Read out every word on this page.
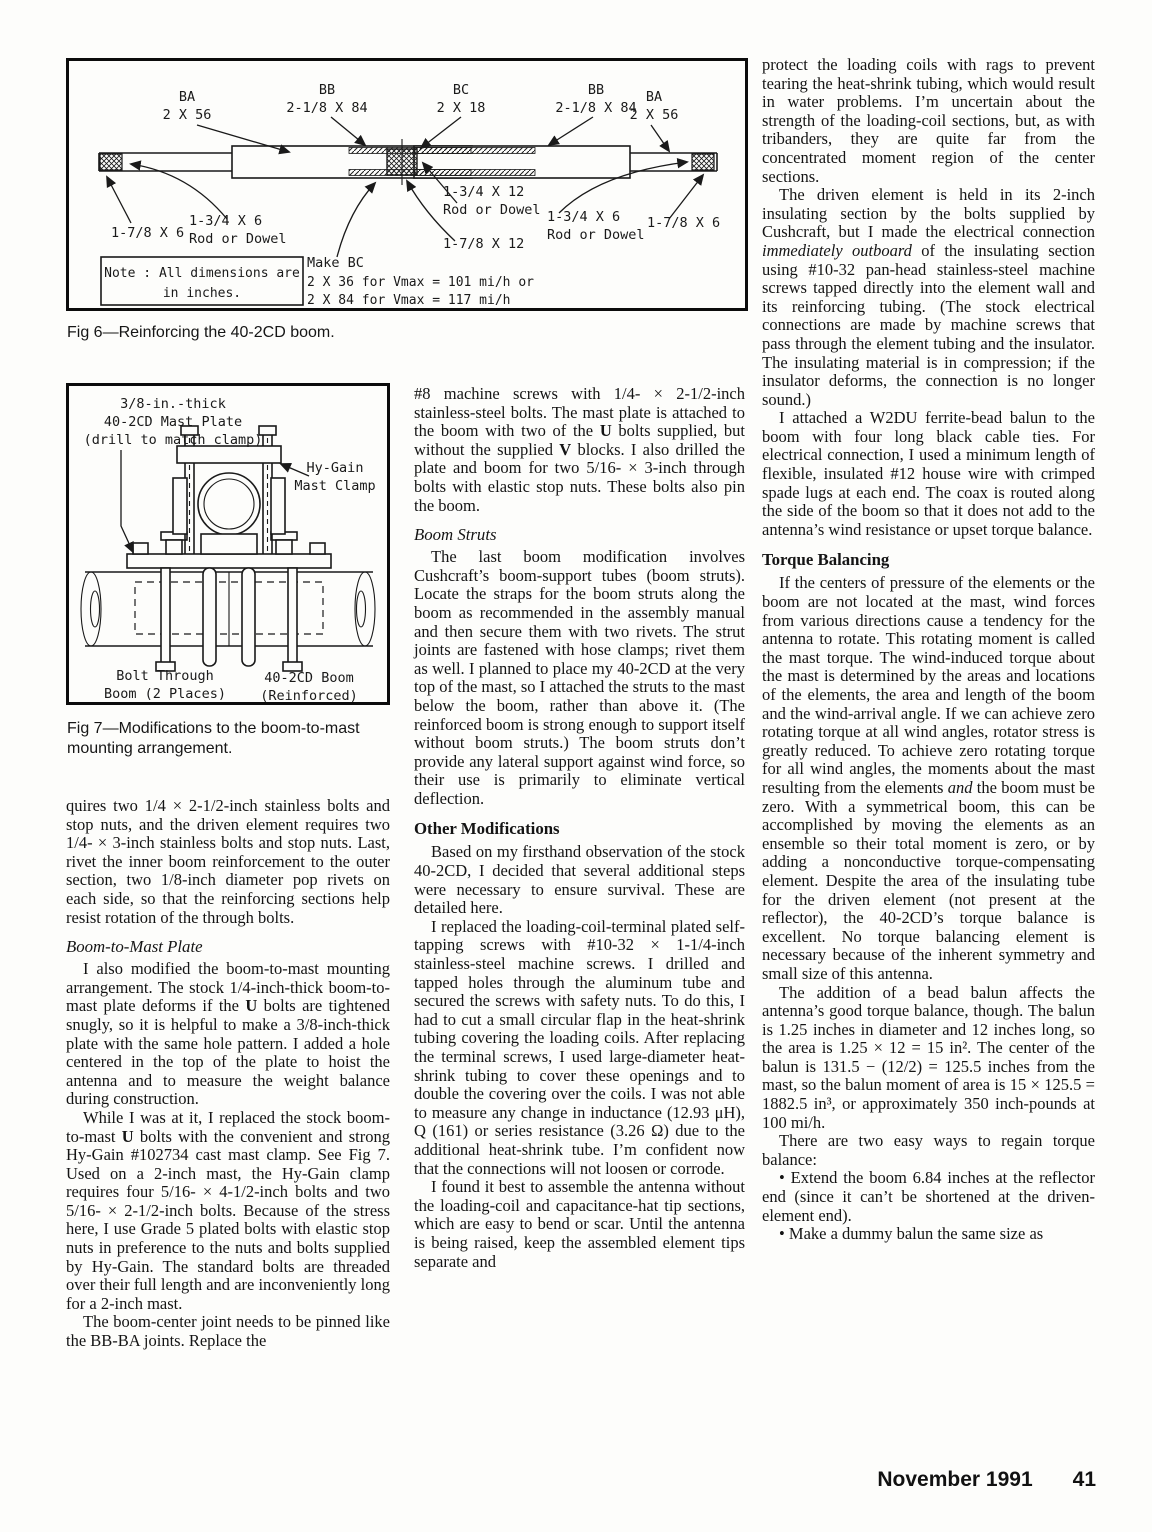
BA
2 X 56
BB
2-1/8 X 84
BC
2 X 18
BB
2-1/8 X 84
BA
2 X 56
1-7/8 X 6
1-3/4 X 6
Rod or Dowel
1-3/4 X 12
Rod or Dowel
1-7/8 X 12
1-3/4 X 6
Rod or Dowel
1-7/8 X 6
Make BC
2 X 36 for Vmax = 101 mi/h or
2 X 84 for Vmax = 117 mi/h
Note : All dimensions are
in inches.
Fig 6—Reinforcing the 40-2CD boom.
3/8-in.-thick
40-2CD Mast Plate
(drill to match clamp)
Hy-Gain
Mast Clamp
Bolt Through
Boom (2 Places)
40-2CD Boom
(Reinforced)
Fig 7—Modifications to the boom-to-mast mounting arrangement.

quires two 1/4 × 2-1/2-inch stainless bolts and stop nuts, and the driven element requires two 1/4- × 3-inch stainless bolts and stop nuts. Last, rivet the inner boom reinforcement to the outer section, two 1/8-inch diameter pop rivets on each side, so that the reinforcing sections help resist rotation of the through bolts.

Boom-to-Mast Plate

I also modified the boom-to-mast mounting arrangement. The stock 1/4-inch-thick boom-to-mast plate deforms if the U bolts are tightened snugly, so it is helpful to make a 3/8-inch-thick plate with the same hole pattern. I added a hole centered in the top of the plate to hoist the antenna and to measure the weight balance during construction.

While I was at it, I replaced the stock boom-to-mast U bolts with the convenient and strong Hy-Gain #102734 cast mast clamp. See Fig 7. Used on a 2-inch mast, the Hy-Gain clamp requires four 5/16- × 4-1/2-inch bolts and two 5/16- × 2-1/2-inch bolts. Because of the stress here, I use Grade 5 plated bolts with elastic stop nuts in preference to the nuts and bolts supplied by Hy-Gain. The standard bolts are threaded over their full length and are inconveniently long for a 2-inch mast.

The boom-center joint needs to be pinned like the BB-BA joints. Replace the

#8 machine screws with 1/4- × 2-1/2-inch stainless-steel bolts. The mast plate is attached to the boom with two of the U bolts supplied, but without the supplied V blocks. I also drilled the plate and boom for two 5/16- × 3-inch through bolts with elastic stop nuts. These bolts also pin the boom.

Boom Struts

The last boom modification involves Cushcraft’s boom-support tubes (boom struts). Locate the straps for the boom struts along the boom as recommended in the assembly manual and then secure them with two rivets. The strut joints are fastened with hose clamps; rivet them as well. I planned to place my 40-2CD at the very top of the mast, so I attached the struts to the mast below the boom, rather than above it. (The reinforced boom is strong enough to support itself without boom struts.) The boom struts don’t provide any lateral support against wind force, so their use is primarily to eliminate vertical deflection.

Other Modifications

Based on my firsthand observation of the stock 40-2CD, I decided that several additional steps were necessary to ensure survival. These are detailed here.

I replaced the loading-coil-terminal plated self-tapping screws with #10-32 × 1-1/4-inch stainless-steel machine screws. I drilled and tapped holes through the aluminum tube and secured the screws with safety nuts. To do this, I had to cut a small circular flap in the heat-shrink tubing covering the loading coils. After replacing the terminal screws, I used large-diameter heat-shrink tubing to cover these openings and to double the covering over the coils. I was not able to measure any change in inductance (12.93 μH), Q (161) or series resistance (3.26 Ω) due to the additional heat-shrink tube. I’m confident now that the connections will not loosen or corrode.

I found it best to assemble the antenna without the loading-coil and capacitance-hat tip sections, which are easy to bend or scar. Until the antenna is being raised, keep the assembled element tips separate and

protect the loading coils with rags to prevent tearing the heat-shrink tubing, which would result in water problems. I’m uncertain about the strength of the loading-coil sections, but, as with tribanders, they are quite far from the concentrated moment region of the center sections.

The driven element is held in its 2-inch insulating section by the bolts supplied by Cushcraft, but I made the electrical connection immediately outboard of the insulating section using #10-32 pan-head stainless-steel machine screws tapped directly into the element wall and its reinforcing tubing. (The stock electrical connections are made by machine screws that pass through the element tubing and the insulator. The insulating material is in compression; if the insulator deforms, the connection is no longer sound.)

I attached a W2DU ferrite-bead balun to the boom with four long black cable ties. For electrical connection, I used a minimum length of flexible, insulated #12 house wire with crimped spade lugs at each end. The coax is routed along the side of the boom so that it does not add to the antenna’s wind resistance or upset torque balance.

Torque Balancing

If the centers of pressure of the elements or the boom are not located at the mast, wind forces from various directions cause a tendency for the antenna to rotate. This rotating moment is called the mast torque. The wind-induced torque about the mast is determined by the areas and locations of the elements, the area and length of the boom and the wind-arrival angle. If we can achieve zero rotating torque at all wind angles, rotator stress is greatly reduced. To achieve zero rotating torque for all wind angles, the moments about the mast resulting from the elements and the boom must be zero. With a symmetrical boom, this can be accomplished by moving the elements as an ensemble so their total moment is zero, or by adding a nonconductive torque-compensating element. Despite the area of the insulating tube for the driven element (not present at the reflector), the 40-2CD’s torque balance is excellent. No torque balancing element is necessary because of the inherent symmetry and small size of this antenna.

The addition of a bead balun affects the antenna’s good torque balance, though. The balun is 1.25 inches in diameter and 12 inches long, so the area is 1.25 × 12 = 15 in². The center of the balun is 131.5 − (12/2) = 125.5 inches from the mast, so the balun moment of area is 15 × 125.5 = 1882.5 in³, or approximately 350 inch-pounds at 100 mi/h.

There are two easy ways to regain torque balance:

• Extend the boom 6.84 inches at the reflector end (since it can’t be shortened at the driven-element end).

• Make a dummy balun the same size as

November 1991 41
